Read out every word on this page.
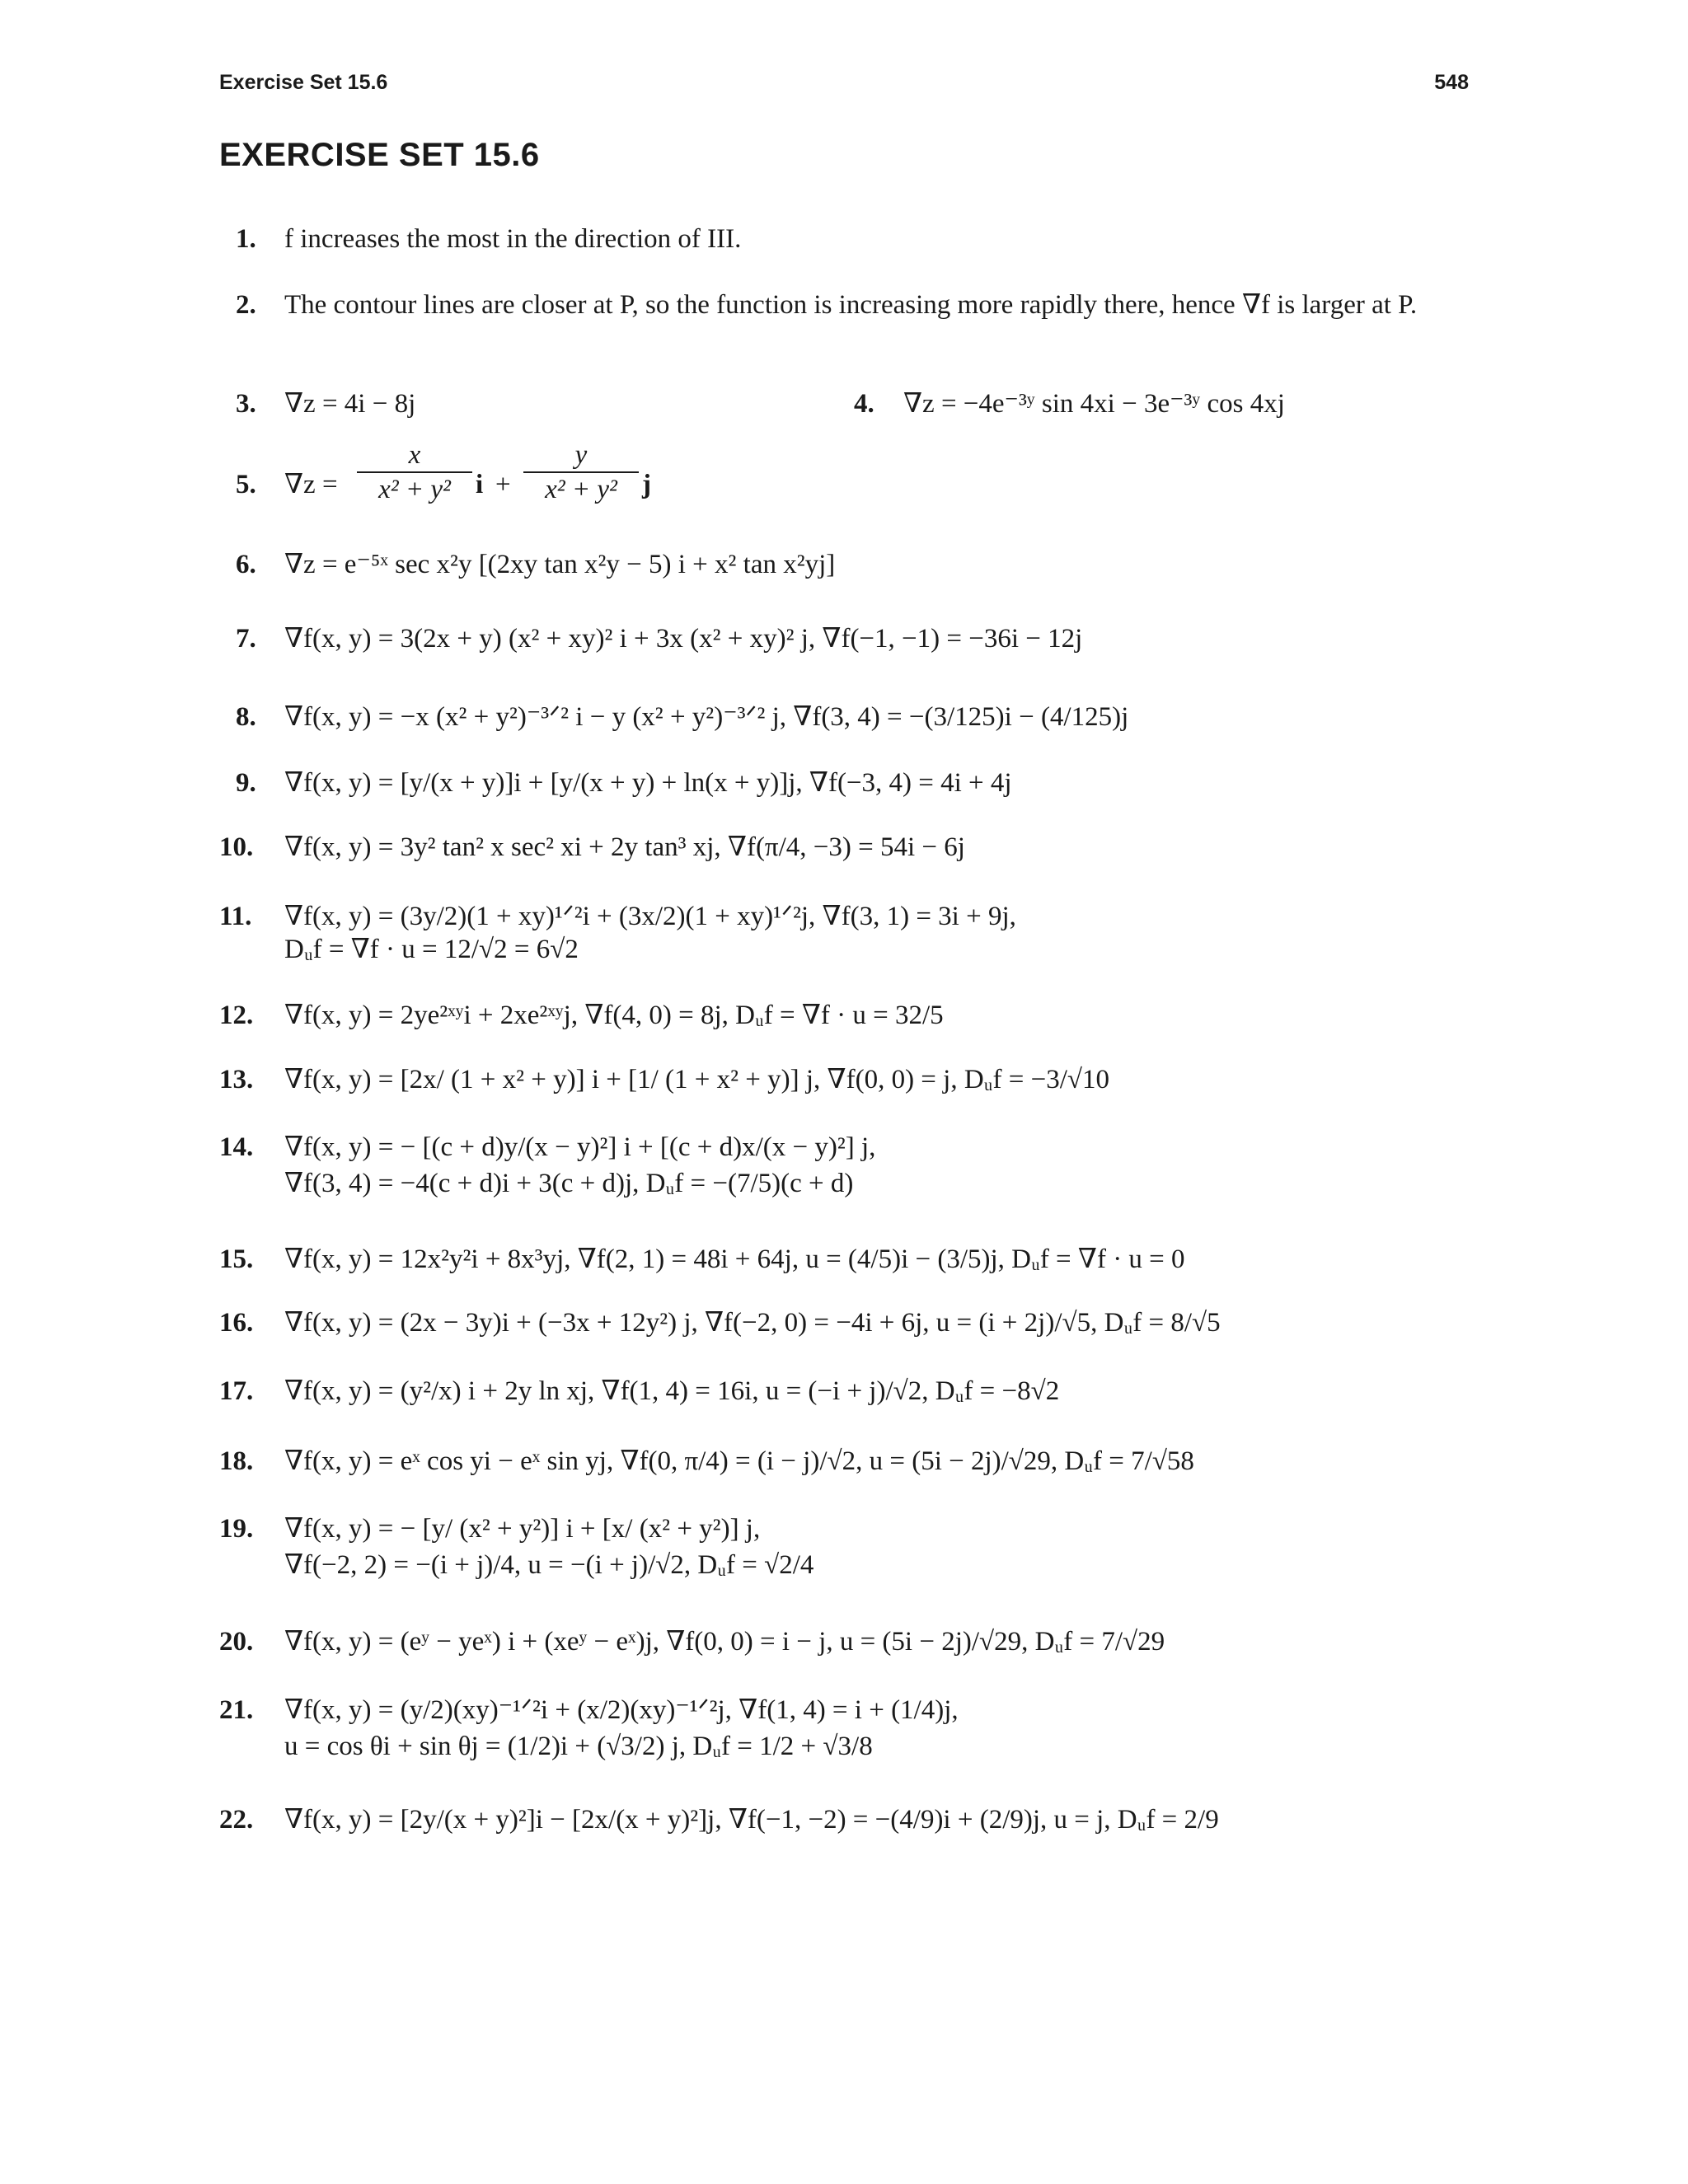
Exercise Set 15.6	548
EXERCISE SET 15.6
1. f increases the most in the direction of III.
2. The contour lines are closer at P, so the function is increasing more rapidly there, hence ∇f is larger at P.
3. ∇z = 4i − 8j	4. ∇z = −4e⁻³ʸ sin 4xi − 3e⁻³ʸ cos 4xj
5. ∇z =
x
x² + y² i +
y
x² + y² j
6. ∇z = e⁻⁵ˣ sec x²y [(2xy tan x²y − 5) i + x² tan x²yj]
7. ∇f(x, y) = 3(2x + y) (x² + xy)² i + 3x (x² + xy)² j, ∇f(−1, −1) = −36i − 12j
8. ∇f(x, y) = −x (x² + y²)⁻³ᐟ² i − y (x² + y²)⁻³ᐟ² j, ∇f(3, 4) = −(3/125)i − (4/125)j
9. ∇f(x, y) = [y/(x + y)]i + [y/(x + y) + ln(x + y)]j, ∇f(−3, 4) = 4i + 4j
10. ∇f(x, y) = 3y² tan² x sec² xi + 2y tan³ xj, ∇f(π/4, −3) = 54i − 6j
11. ∇f(x, y) = (3y/2)(1 + xy)¹ᐟ²i + (3x/2)(1 + xy)¹ᐟ²j, ∇f(3, 1) = 3i + 9j,
Dᵤf = ∇f · u = 12/√2 = 6√2
12. ∇f(x, y) = 2ye²ˣʸi + 2xe²ˣʸj, ∇f(4, 0) = 8j, Dᵤf = ∇f · u = 32/5
13. ∇f(x, y) = [2x/ (1 + x² + y)] i + [1/ (1 + x² + y)] j, ∇f(0, 0) = j, Dᵤf = −3/√10
14. ∇f(x, y) = − [(c + d)y/(x − y)²] i + [(c + d)x/(x − y)²] j,
∇f(3, 4) = −4(c + d)i + 3(c + d)j, Dᵤf = −(7/5)(c + d)
15. ∇f(x, y) = 12x²y²i + 8x³yj, ∇f(2, 1) = 48i + 64j, u = (4/5)i − (3/5)j, Dᵤf = ∇f · u = 0
16. ∇f(x, y) = (2x − 3y)i + (−3x + 12y²) j, ∇f(−2, 0) = −4i + 6j, u = (i + 2j)/√5, Dᵤf = 8/√5
17. ∇f(x, y) = (y²/x) i + 2y ln xj, ∇f(1, 4) = 16i, u = (−i + j)/√2, Dᵤf = −8√2
18. ∇f(x, y) = eˣ cos yi − eˣ sin yj, ∇f(0, π/4) = (i − j)/√2, u = (5i − 2j)/√29, Dᵤf = 7/√58
19. ∇f(x, y) = − [y/ (x² + y²)] i + [x/ (x² + y²)] j,
∇f(−2, 2) = −(i + j)/4, u = −(i + j)/√2, Dᵤf = √2/4
20. ∇f(x, y) = (eʸ − yeˣ) i + (xeʸ − eˣ)j, ∇f(0, 0) = i − j, u = (5i − 2j)/√29, Dᵤf = 7/√29
21. ∇f(x, y) = (y/2)(xy)⁻¹ᐟ²i + (x/2)(xy)⁻¹ᐟ²j, ∇f(1, 4) = i + (1/4)j,
u = cos θi + sin θj = (1/2)i + (√3/2) j, Dᵤf = 1/2 + √3/8
22. ∇f(x, y) = [2y/(x + y)²]i − [2x/(x + y)²]j, ∇f(−1, −2) = −(4/9)i + (2/9)j, u = j, Dᵤf = 2/9
